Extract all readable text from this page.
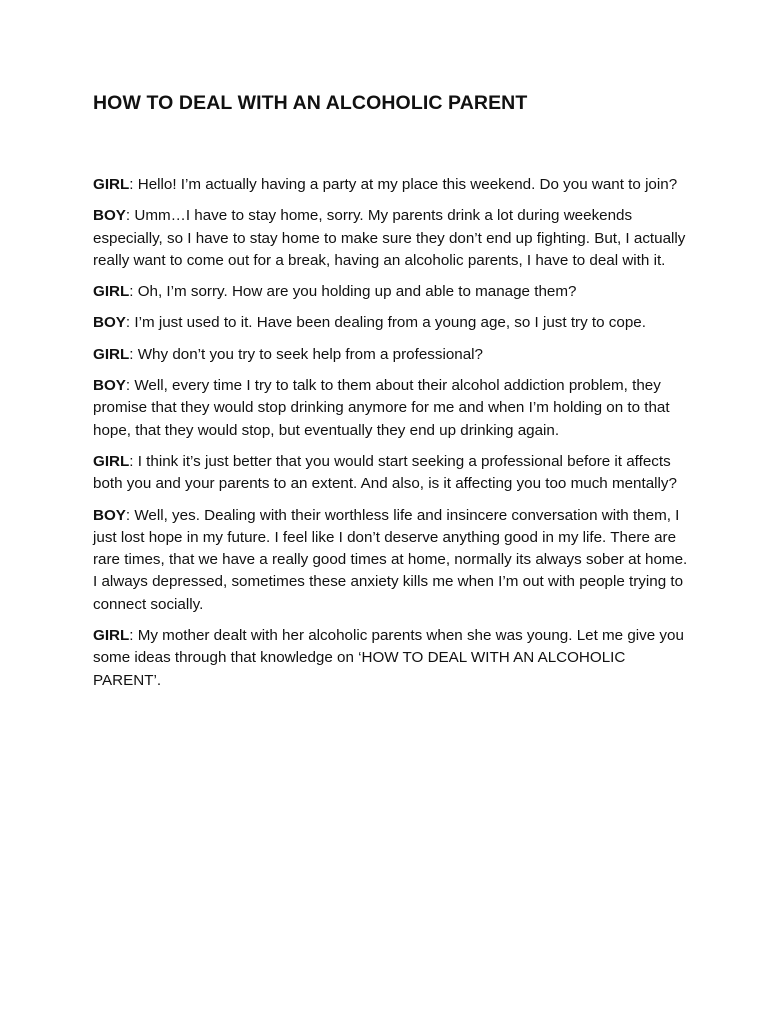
HOW TO DEAL WITH AN ALCOHOLIC PARENT

GIRL: Hello! I’m actually having a party at my place this weekend. Do you want to join?

BOY: Umm…I have to stay home, sorry. My parents drink a lot during weekends especially, so I have to stay home to make sure they don’t end up fighting. But, I actually really want to come out for a break, having an alcoholic parents, I have to deal with it.

GIRL: Oh, I’m sorry. How are you holding up and able to manage them?

BOY: I’m just used to it. Have been dealing from a young age, so I just try to cope.

GIRL: Why don’t you try to seek help from a professional?

BOY: Well, every time I try to talk to them about their alcohol addiction problem, they promise that they would stop drinking anymore for me and when I’m holding on to that hope, that they would stop, but eventually they end up drinking again.

GIRL: I think it’s just better that you would start seeking a professional before it affects both you and your parents to an extent. And also, is it affecting you too much mentally?

BOY: Well, yes. Dealing with their worthless life and insincere conversation with them, I just lost hope in my future. I feel like I don’t deserve anything good in my life. There are rare times, that we have a really good times at home, normally its always sober at home. I always depressed, sometimes these anxiety kills me when I’m out with people trying to connect socially.

GIRL: My mother dealt with her alcoholic parents when she was young. Let me give you some ideas through that knowledge on ‘HOW TO DEAL WITH AN ALCOHOLIC PARENT’.
